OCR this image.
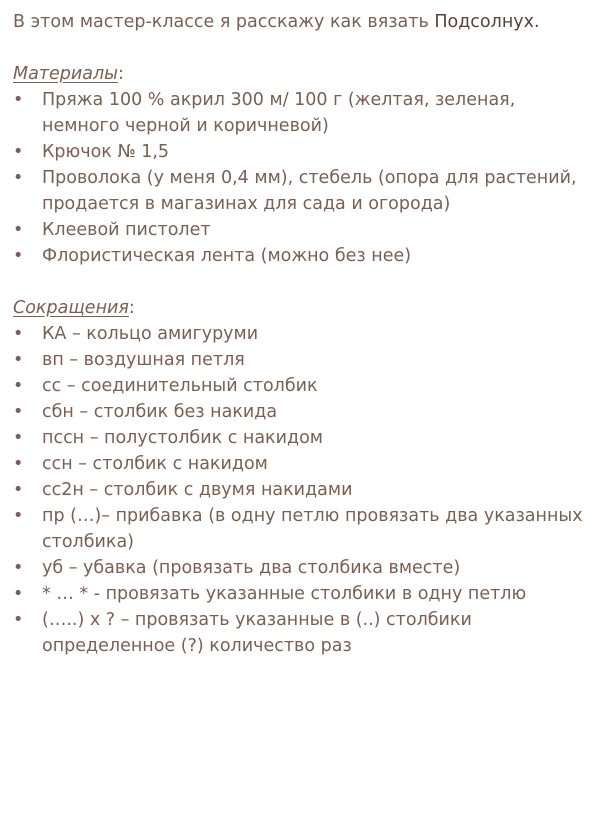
В этом мастер-классе я расскажу как вязать Подсолнух.

Материалы:
•	Пряжа 100 % акрил 300 м/ 100 г (желтая, зеленая, немного черной и коричневой)
•	Крючок № 1,5
•	Проволока (у меня 0,4 мм), стебель (опора для растений, продается в магазинах для сада и огорода)
•	Клеевой пистолет
•	Флористическая лента (можно без нее)
Сокращения:
•	КА – кольцо амигуруми
•	вп – воздушная петля
•	сс – соединительный столбик
•	сбн – столбик без накида
•	пссн – полустолбик с накидом
•	ссн – столбик с накидом
•	сс2н – столбик с двумя накидами
•	пр (…)– прибавка (в одну петлю провязать два указанных столбика)
•	уб – убавка (провязать два столбика вместе)
•	* … * - провязать указанные столбики в одну петлю
•	(…..) х ? – провязать указанные в (..) столбики определенное (?) количество раз
